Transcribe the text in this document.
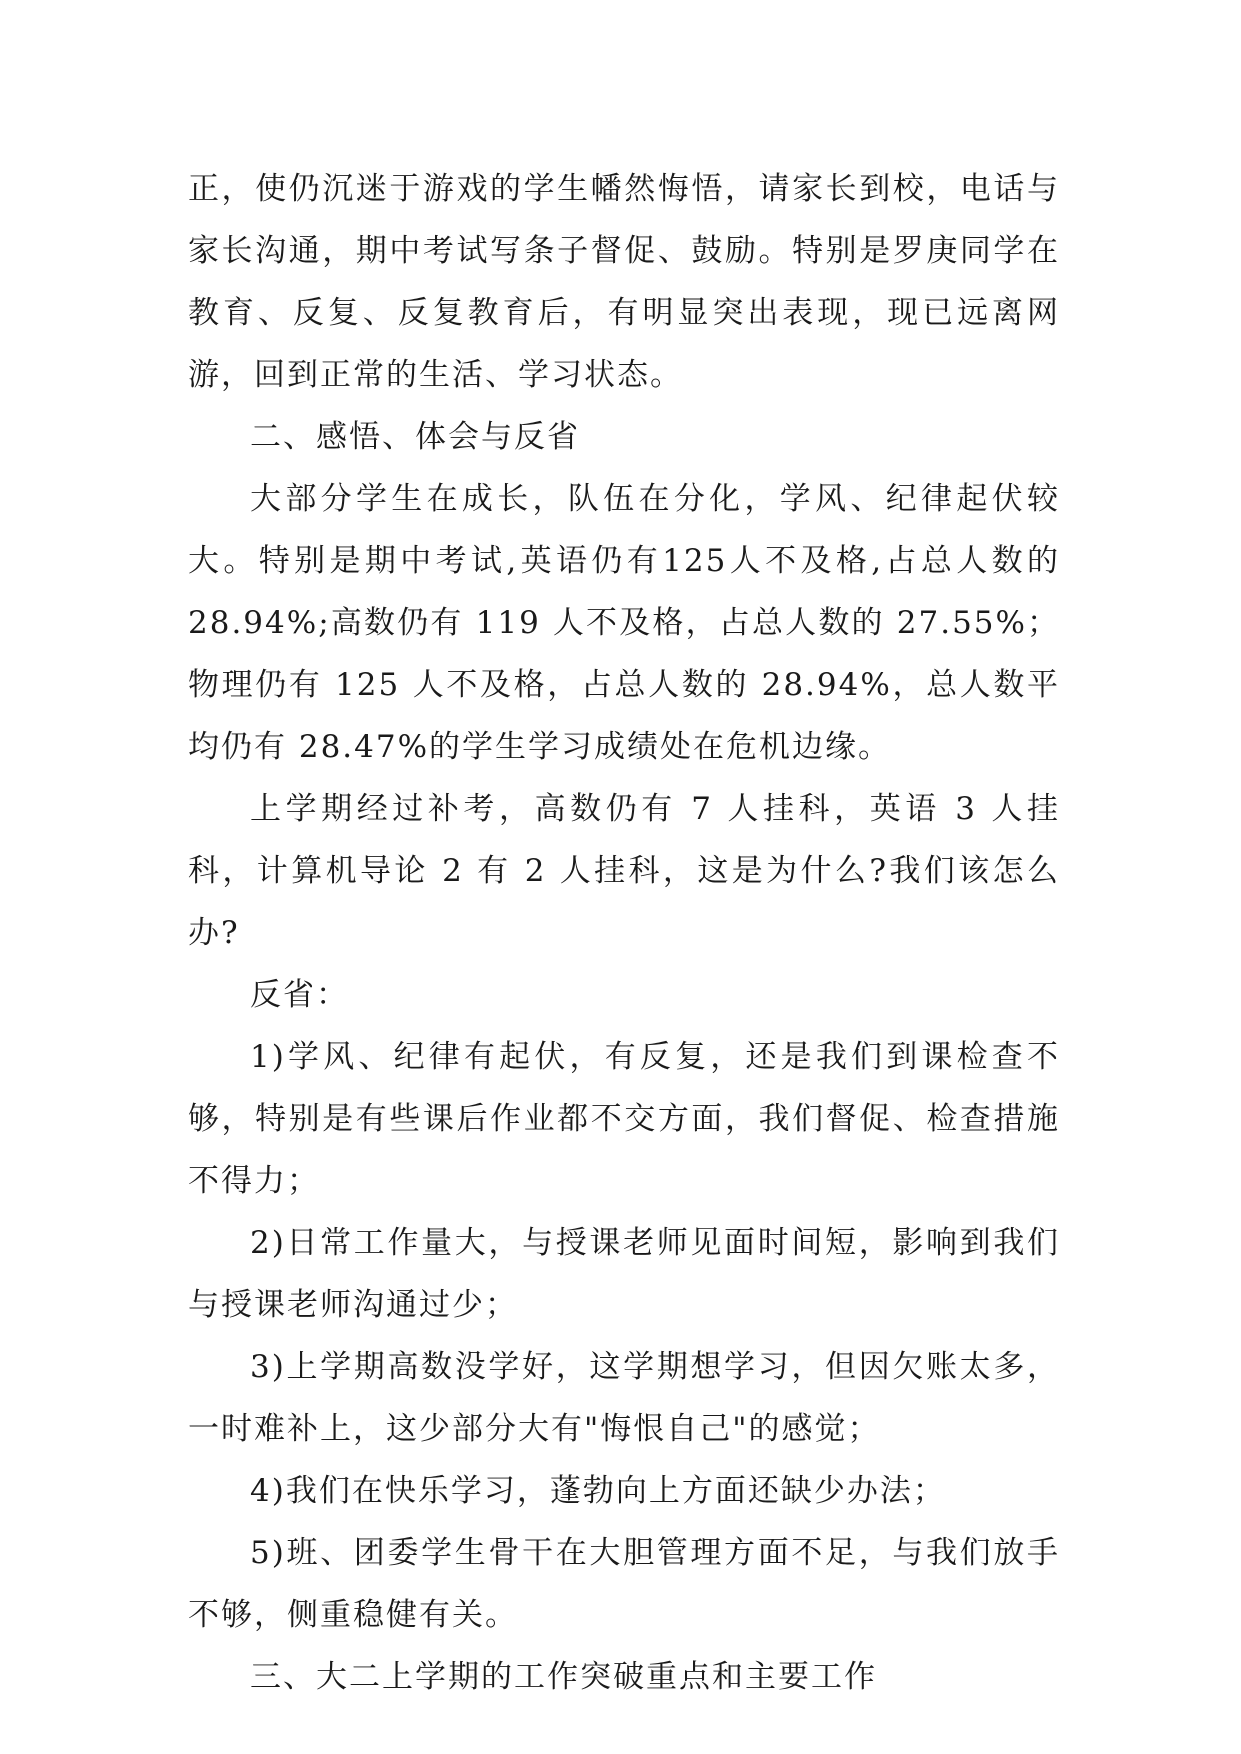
正，使仍沉迷于游戏的学生幡然悔悟，请家长到校，电话与家长沟通，期中考试写条子督促、鼓励。特别是罗庚同学在教育、反复、反复教育后，有明显突出表现，现已远离网游，回到正常的生活、学习状态。

二、感悟、体会与反省

大部分学生在成长，队伍在分化，学风、纪律起伏较大。特别是期中考试,英语仍有125人不及格,占总人数的28.94%;高数仍有 119 人不及格，占总人数的 27.55%；物理仍有 125 人不及格，占总人数的 28.94%，总人数平均仍有 28.47%的学生学习成绩处在危机边缘。

上学期经过补考，高数仍有 7 人挂科，英语 3 人挂科，计算机导论 2 有 2 人挂科，这是为什么?我们该怎么办?

反省：

1)学风、纪律有起伏，有反复，还是我们到课检查不够，特别是有些课后作业都不交方面，我们督促、检查措施不得力；

2)日常工作量大，与授课老师见面时间短，影响到我们与授课老师沟通过少；

3)上学期高数没学好，这学期想学习，但因欠账太多，一时难补上，这少部分大有"悔恨自己"的感觉；

4)我们在快乐学习，蓬勃向上方面还缺少办法；

5)班、团委学生骨干在大胆管理方面不足，与我们放手不够，侧重稳健有关。

三、大二上学期的工作突破重点和主要工作
